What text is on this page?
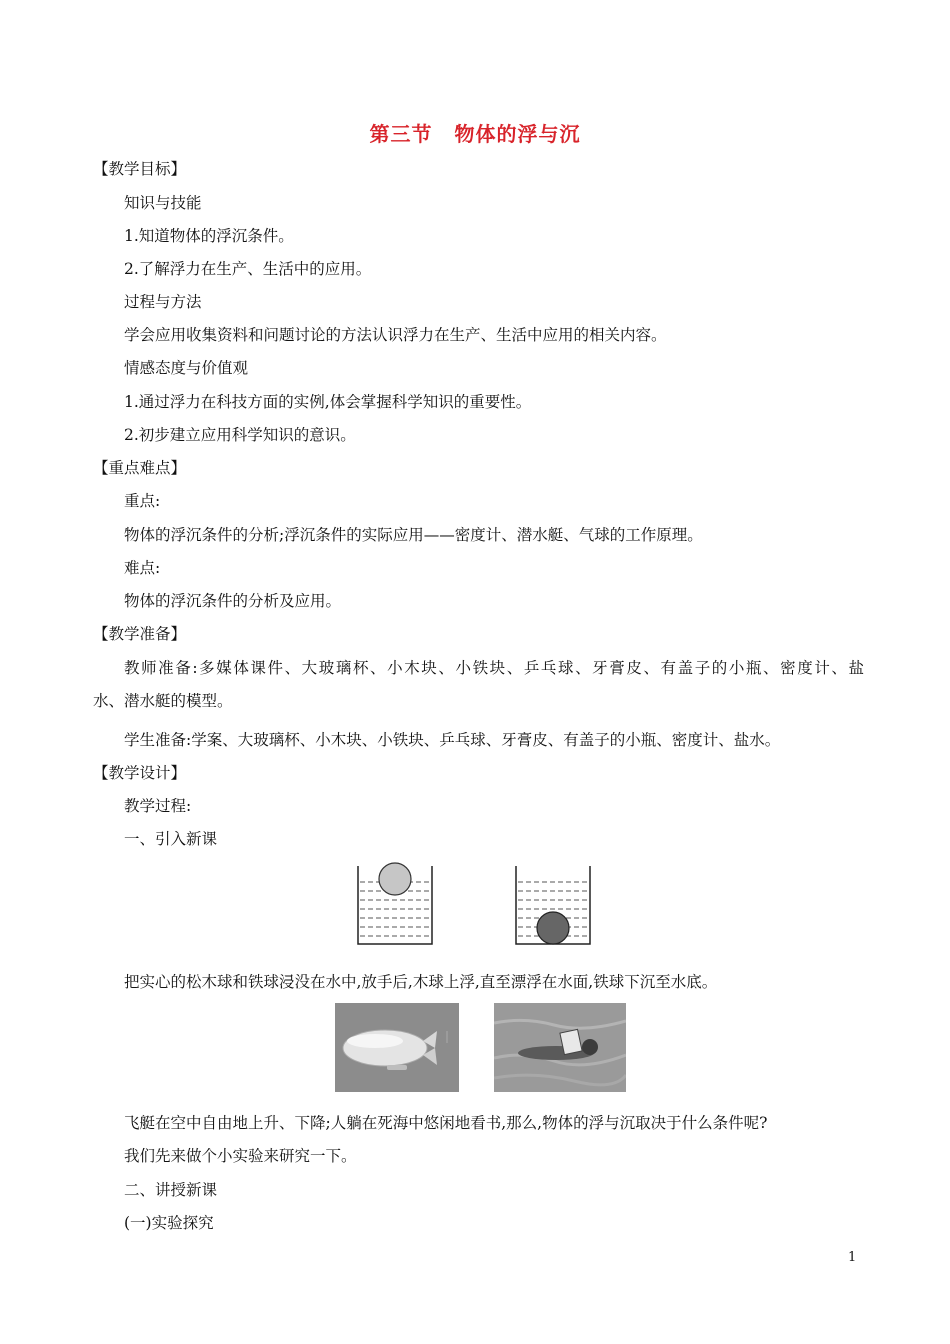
第三节 物体的浮与沉
【教学目标】
知识与技能
1.知道物体的浮沉条件。
2.了解浮力在生产、生活中的应用。
过程与方法
学会应用收集资料和问题讨论的方法认识浮力在生产、生活中应用的相关内容。
情感态度与价值观
1.通过浮力在科技方面的实例,体会掌握科学知识的重要性。
2.初步建立应用科学知识的意识。
【重点难点】
重点:
物体的浮沉条件的分析;浮沉条件的实际应用——密度计、潜水艇、气球的工作原理。
难点:
物体的浮沉条件的分析及应用。
【教学准备】
教师准备:多媒体课件、大玻璃杯、小木块、小铁块、乒乓球、牙膏皮、有盖子的小瓶、密度计、盐
水、潜水艇的模型。
学生准备:学案、大玻璃杯、小木块、小铁块、乒乓球、牙膏皮、有盖子的小瓶、密度计、盐水。
【教学设计】
教学过程:
一、引入新课
把实心的松木球和铁球浸没在水中,放手后,木球上浮,直至漂浮在水面,铁球下沉至水底。
飞艇在空中自由地上升、下降;人躺在死海中悠闲地看书,那么,物体的浮与沉取决于什么条件呢?
我们先来做个小实验来研究一下。
二、讲授新课
(一)实验探究
1
